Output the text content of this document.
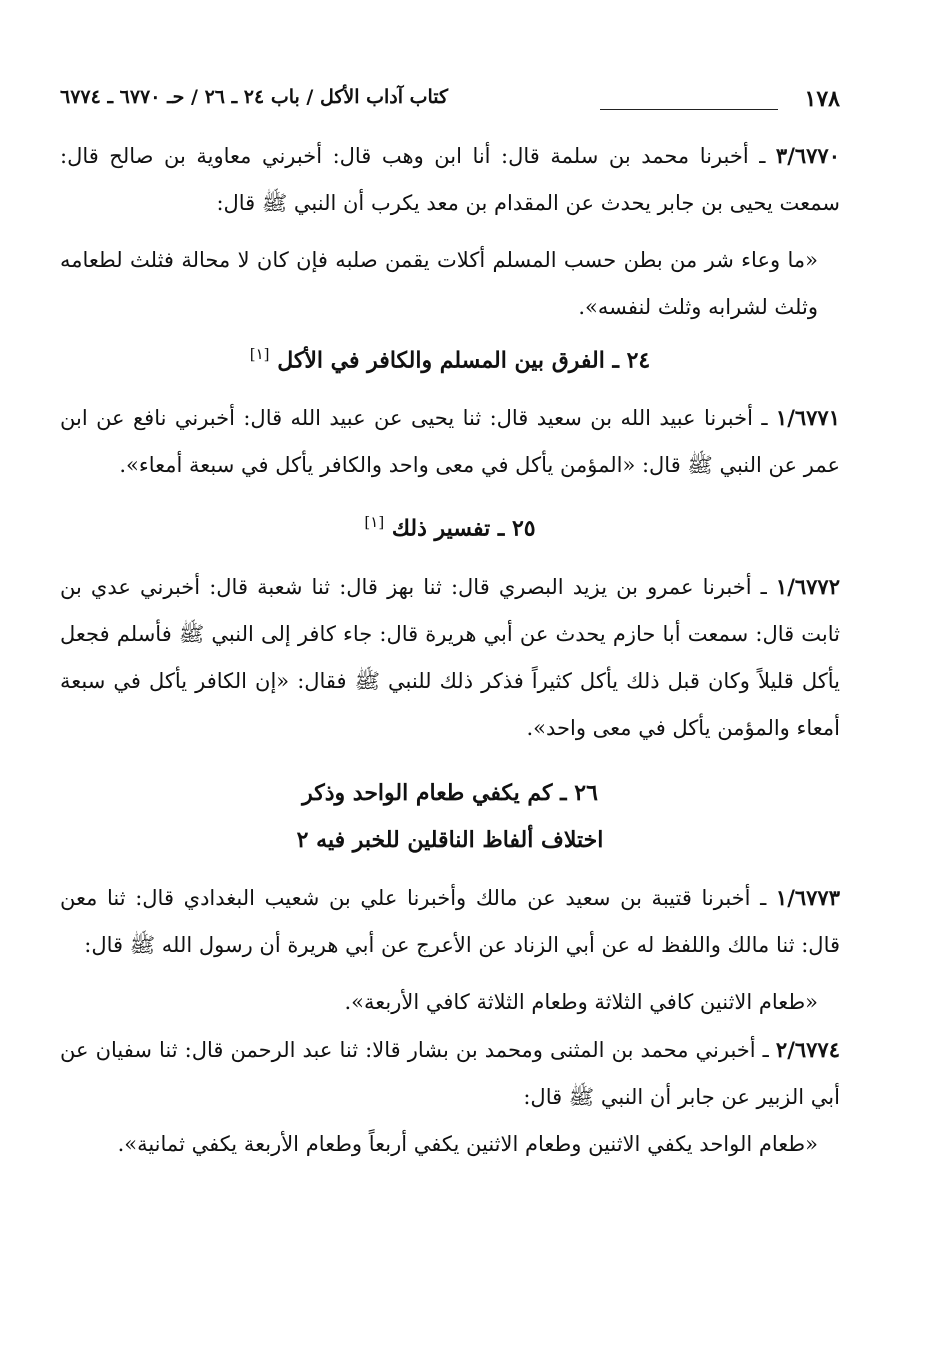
١٧٨
كتاب آداب الأكل / باب ٢٤ ـ ٢٦ / حـ ٦٧٧٠ ـ ٦٧٧٤

٣/٦٧٧٠ ـ أخبرنا محمد بن سلمة قال: أنا ابن وهب قال: أخبرني معاوية بن صالح قال: سمعت يحيى بن جابر يحدث عن المقدام بن معد يكرب أن النبي ﷺ قال:

«ما وعاء شر من بطن حسب المسلم أكلات يقمن صلبه فإن كان لا محالة فثلث لطعامه وثلث لشرابه وثلث لنفسه».

٢٤ ـ الفرق بين المسلم والكافر في الأكل [١]

١/٦٧٧١ ـ أخبرنا عبيد الله بن سعيد قال: ثنا يحيى عن عبيد الله قال: أخبرني نافع عن ابن عمر عن النبي ﷺ قال: «المؤمن يأكل في معى واحد والكافر يأكل في سبعة أمعاء».

٢٥ ـ تفسير ذلك [١]

١/٦٧٧٢ ـ أخبرنا عمرو بن يزيد البصري قال: ثنا بهز قال: ثنا شعبة قال: أخبرني عدي بن ثابت قال: سمعت أبا حازم يحدث عن أبي هريرة قال: جاء كافر إلى النبي ﷺ فأسلم فجعل يأكل قليلاً وكان قبل ذلك يأكل كثيراً فذكر ذلك للنبي ﷺ فقال: «إن الكافر يأكل في سبعة أمعاء والمؤمن يأكل في معى واحد».

٢٦ ـ كم يكفي طعام الواحد وذكر

اختلاف ألفاظ الناقلين للخبر فيه ٢

١/٦٧٧٣ ـ أخبرنا قتيبة بن سعيد عن مالك وأخبرنا علي بن شعيب البغدادي قال: ثنا معن قال: ثنا مالك واللفظ له عن أبي الزناد عن الأعرج عن أبي هريرة أن رسول الله ﷺ قال:

«طعام الاثنين كافي الثلاثة وطعام الثلاثة كافي الأربعة».

٢/٦٧٧٤ ـ أخبرني محمد بن المثنى ومحمد بن بشار قالا: ثنا عبد الرحمن قال: ثنا سفيان عن أبي الزبير عن جابر أن النبي ﷺ قال:

«طعام الواحد يكفي الاثنين وطعام الاثنين يكفي أربعاً وطعام الأربعة يكفي ثمانية».
